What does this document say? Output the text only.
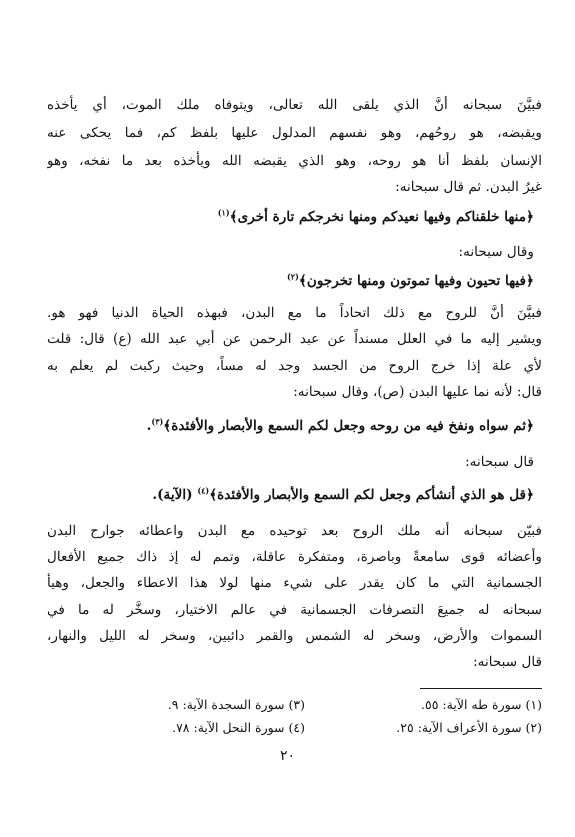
فبيَّنَ سبحانه أنَّ الذي يلقى الله تعالى، ويتوفاه ملك الموت، أي يأخذه
ويقبضه، هو روحُهم، وهو نفسهم المدلول عليها بلفظ كم، فما يحكى عنه
الإنسان بلفظ أنا هو روحه، وهو الذي يقبضه الله ويأخذه بعد ما نفخه، وهو
غيرُ البدن. ثم قال سبحانه:
﴿منها خلقناكم وفيها نعيدكم ومنها نخرجكم تارة أخرى﴾$^{(١)}$
وقال سبحانه:
﴿فيها تحيون وفيها تموتون ومنها تخرجون﴾$^{(٢)}$
فبيَّنَ أنَّ للروح مع ذلك اتحاداً ما مع البدن، فبهذه الحياة الدنيا فهو هو.
ويشير إليه ما في العلل مسنداً عن عبد الرحمن عن أبي عبد الله (ع) قال: قلت
لأي علة إذا خرج الروح من الجسد وجد له مساً، وحيث ركبت لم يعلم به
قال: لأنه نما عليها البدن (ص)، وقال سبحانه:
﴿ثم سواه ونفخ فيه من روحه وجعل لكم السمع والأبصار والأفئدة﴾$^{(٣)}$.
قال سبحانه:
﴿قل هو الذي أنشأكم وجعل لكم السمع والأبصار والأفئدة﴾$^{(٤)}$ (الآية).
فبيّن سبحانه أنه ملك الروح بعد توحيده مع البدن واعطائه جوارح البدن
وأعضائه قوى سامعةً وباصرة، ومتفكرة عاقلة، وتمم له إذ ذاك جميع الأفعال
الجسمانية التي ما كان يقدر على شيء منها لولا هذا الاعطاء والجعل، وهيأ
سبحانه له جميعَ التصرفات الجسمانية في عالم الاختيار، وسخَّر له ما في
السموات والأرض، وسخر له الشمس والقمر دائبين، وسخر له الليل والنهار،
قال سبحانه:
(١) سورة طه الآية: ٥٥.
(٢) سورة الأعراف الآية: ٢٥.
(٣) سورة السجدة الآية: ٩.
(٤) سورة النحل الآية: ٧٨.
٢٠
